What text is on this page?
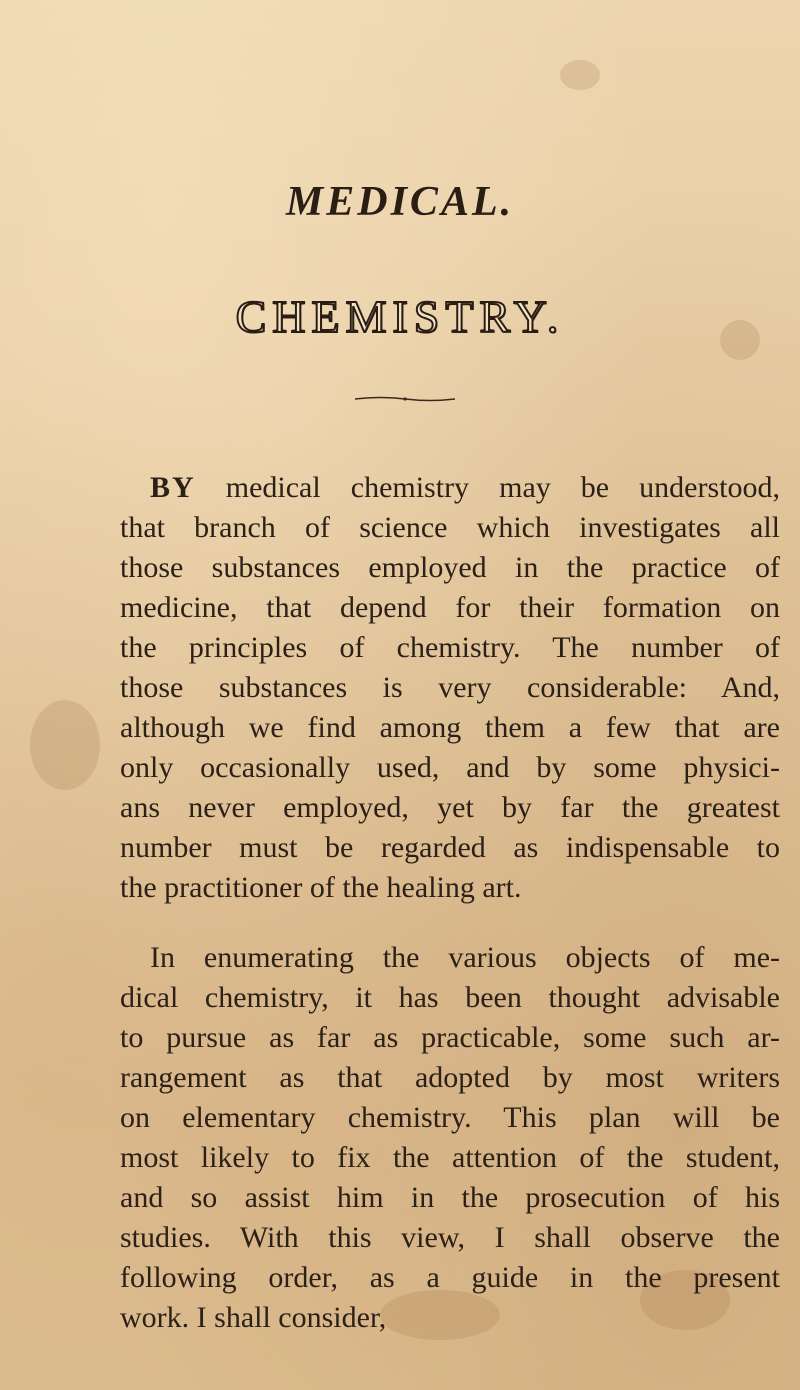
MEDICAL.
CHEMISTRY.
BY medical chemistry may be understood,
that branch of science which investigates all
those substances employed in the practice of
medicine, that depend for their formation on
the principles of chemistry. The number of
those substances is very considerable: And,
although we find among them a few that are
only occasionally used, and by some physici-
ans never employed, yet by far the greatest
number must be regarded as indispensable to
the practitioner of the healing art.
In enumerating the various objects of me-
dical chemistry, it has been thought advisable
to pursue as far as practicable, some such ar-
rangement as that adopted by most writers
on elementary chemistry. This plan will be
most likely to fix the attention of the student,
and so assist him in the prosecution of his
studies. With this view, I shall observe the
following order, as a guide in the present
work. I shall consider,
